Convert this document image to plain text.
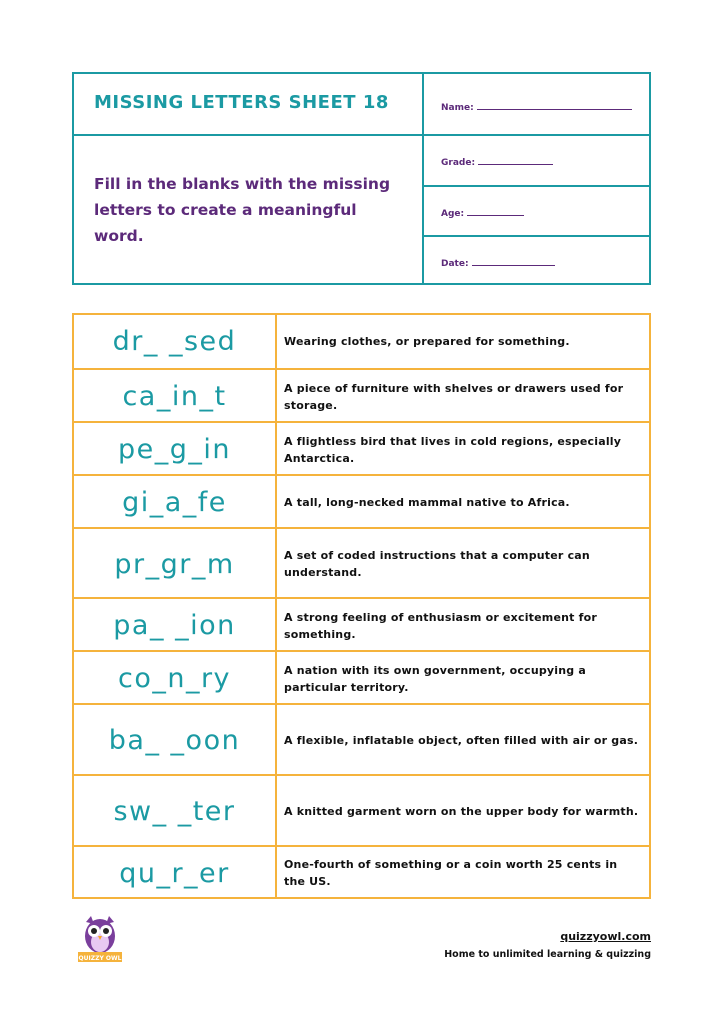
MISSING LETTERS SHEET 18
Fill in the blanks with the missing letters to create a meaningful word.
Name:
Grade:
Age:
Date:
dr_ _sed	Wearing clothes, or prepared for something.
ca_in_t	A piece of furniture with shelves or drawers used for storage.
pe_g_in	A flightless bird that lives in cold regions, especially Antarctica.
gi_a_fe	A tall, long-necked mammal native to Africa.
pr_gr_m	A set of coded instructions that a computer can understand.
pa_ _ion	A strong feeling of enthusiasm or excitement for something.
co_n_ry	A nation with its own government, occupying a particular territory.
ba_ _oon	A flexible, inflatable object, often filled with air or gas.
sw_ _ter	A knitted garment worn on the upper body for warmth.
qu_r_er	One-fourth of something or a coin worth 25 cents in the US.
QUIZZY OWL
quizzyowl.com
Home to unlimited learning & quizzing
